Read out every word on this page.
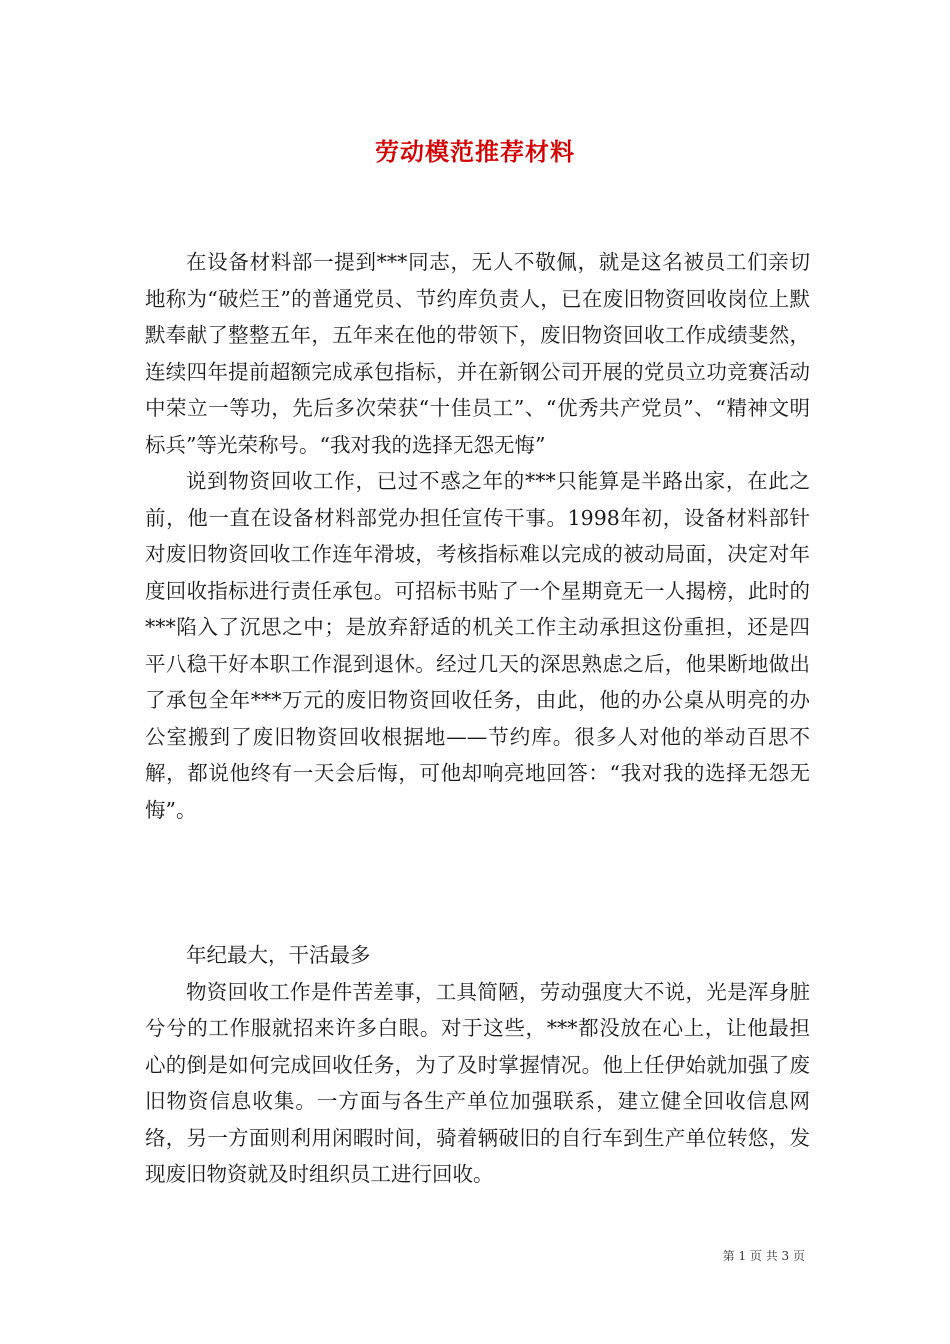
劳动模范推荐材料

在设备材料部一提到***同志，无人不敬佩，就是这名被员工们亲切地称为“破烂王”的普通党员、节约库负责人，已在废旧物资回收岗位上默默奉献了整整五年，五年来在他的带领下，废旧物资回收工作成绩斐然，连续四年提前超额完成承包指标，并在新钢公司开展的党员立功竞赛活动中荣立一等功，先后多次荣获“十佳员工”、“优秀共产党员”、“精神文明标兵”等光荣称号。“我对我的选择无怨无悔”

说到物资回收工作，已过不惑之年的***只能算是半路出家，在此之前，他一直在设备材料部党办担任宣传干事。1998年初，设备材料部针对废旧物资回收工作连年滑坡，考核指标难以完成的被动局面，决定对年度回收指标进行责任承包。可招标书贴了一个星期竟无一人揭榜，此时的***陷入了沉思之中；是放弃舒适的机关工作主动承担这份重担，还是四平八稳干好本职工作混到退休。经过几天的深思熟虑之后，他果断地做出了承包全年***万元的废旧物资回收任务，由此，他的办公桌从明亮的办公室搬到了废旧物资回收根据地——节约库。很多人对他的举动百思不解，都说他终有一天会后悔，可他却响亮地回答：“我对我的选择无怨无悔”。

年纪最大，干活最多

物资回收工作是件苦差事，工具简陋，劳动强度大不说，光是浑身脏兮兮的工作服就招来许多白眼。对于这些，***都没放在心上，让他最担心的倒是如何完成回收任务，为了及时掌握情况。他上任伊始就加强了废旧物资信息收集。一方面与各生产单位加强联系，建立健全回收信息网络，另一方面则利用闲暇时间，骑着辆破旧的自行车到生产单位转悠，发现废旧物资就及时组织员工进行回收。

第 1 页 共 3 页
